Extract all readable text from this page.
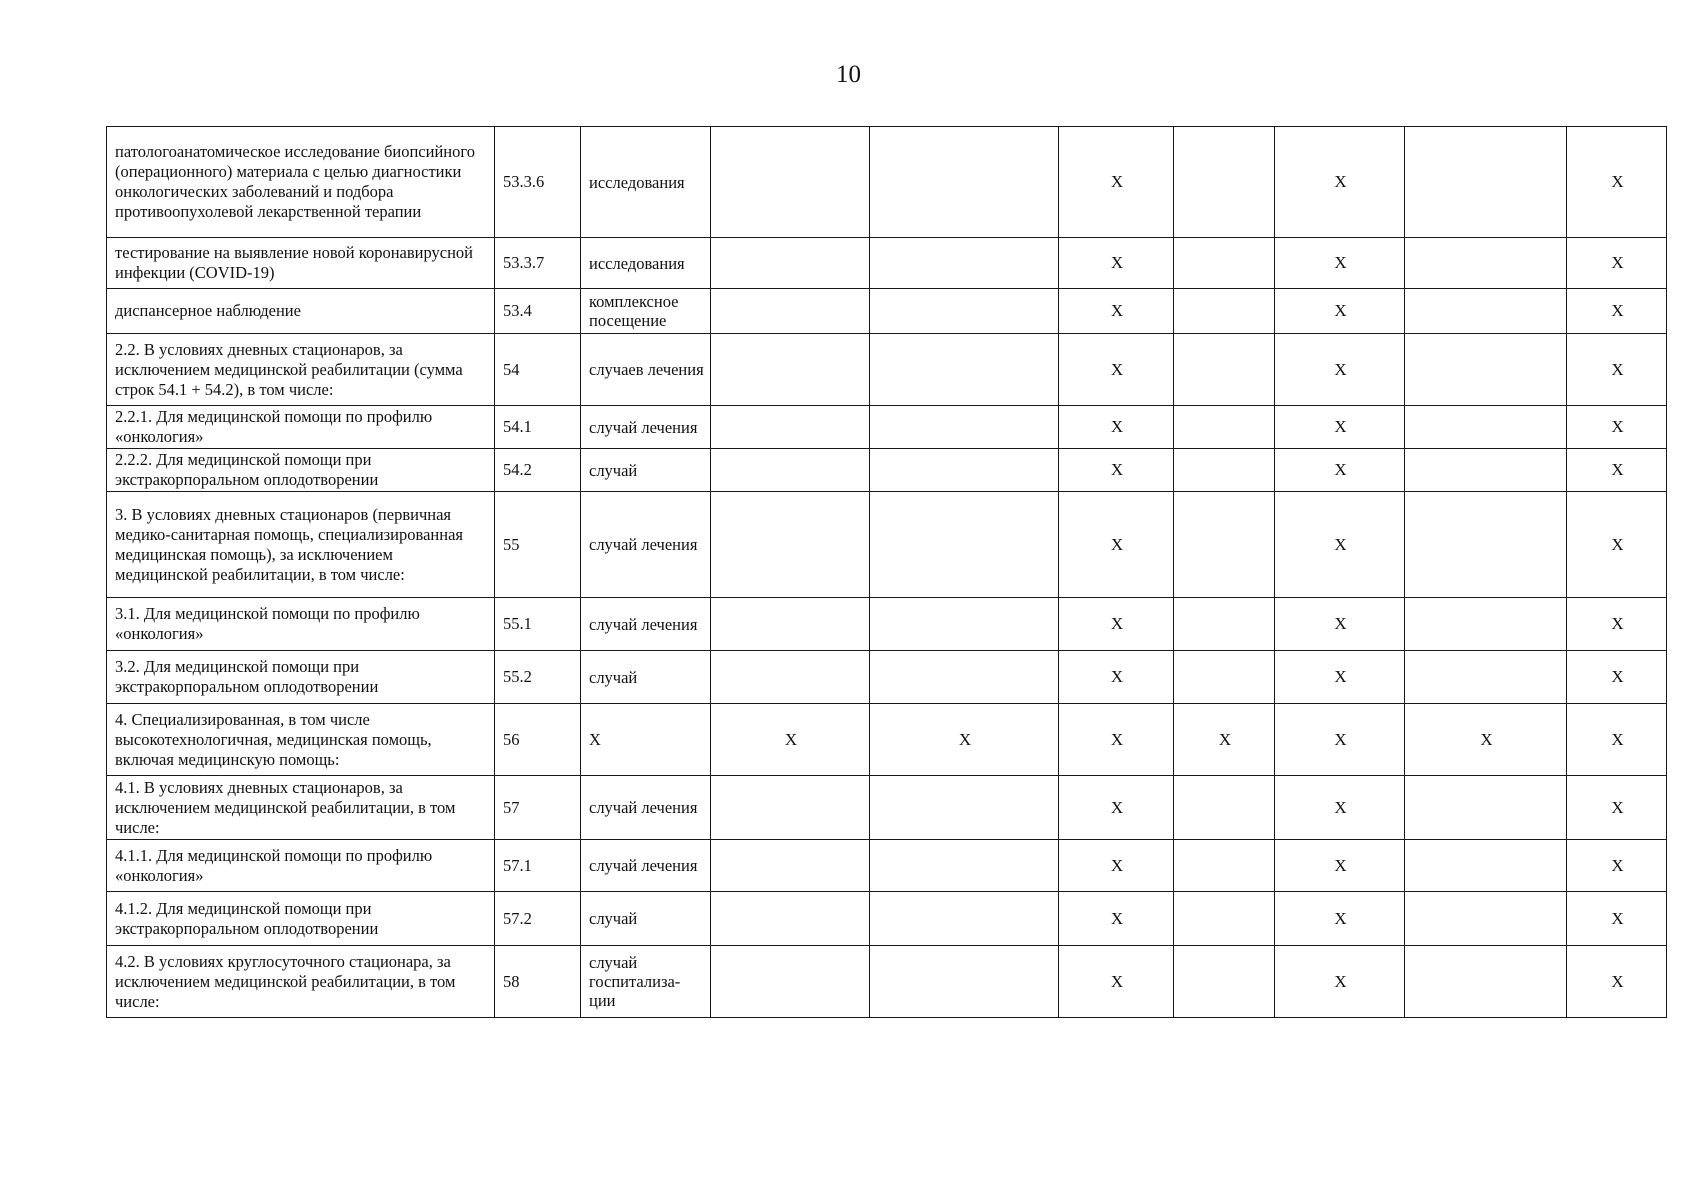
10
патологоанатомическое исследование биопсийного (операционного) материала с целью диагностики онкологических заболеваний и подбора противоопухолевой лекарственной терапии	53.3.6	исследования			X		X		X
тестирование на выявление новой коронавирусной инфекции (COVID-19)	53.3.7	исследования			X		X		X
диспансерное наблюдение	53.4	комплексное посещение			X		X		X
2.2. В условиях дневных стационаров, за исключением медицинской реабилитации (сумма строк 54.1 + 54.2), в том числе:	54	случаев лечения			X		X		X
2.2.1. Для медицинской помощи по профилю «онкология»	54.1	случай лечения			X		X		X
2.2.2. Для медицинской помощи при экстракорпоральном оплодотворении	54.2	случай			X		X		X
3. В условиях дневных стационаров (первичная медико-санитарная помощь, специализированная медицинская помощь), за исключением медицинской реабилитации, в том числе:	55	случай лечения			X		X		X
3.1. Для медицинской помощи по профилю «онкология»	55.1	случай лечения			X		X		X
3.2. Для медицинской помощи при экстракорпоральном оплодотворении	55.2	случай			X		X		X
4. Специализированная, в том числе высокотехнологичная, медицинская помощь, включая медицинскую помощь:	56	X	X	X	X	X	X	X	X
4.1. В условиях дневных стационаров, за исключением медицинской реабилитации, в том числе:	57	случай лечения			X		X		X
4.1.1. Для медицинской помощи по профилю «онкология»	57.1	случай лечения			X		X		X
4.1.2. Для медицинской помощи при экстракорпоральном оплодотворении	57.2	случай			X		X		X
4.2. В условиях круглосуточного стационара, за исключением медицинской реабилитации, в том числе:	58	случай госпитализа-ции			X		X		X
